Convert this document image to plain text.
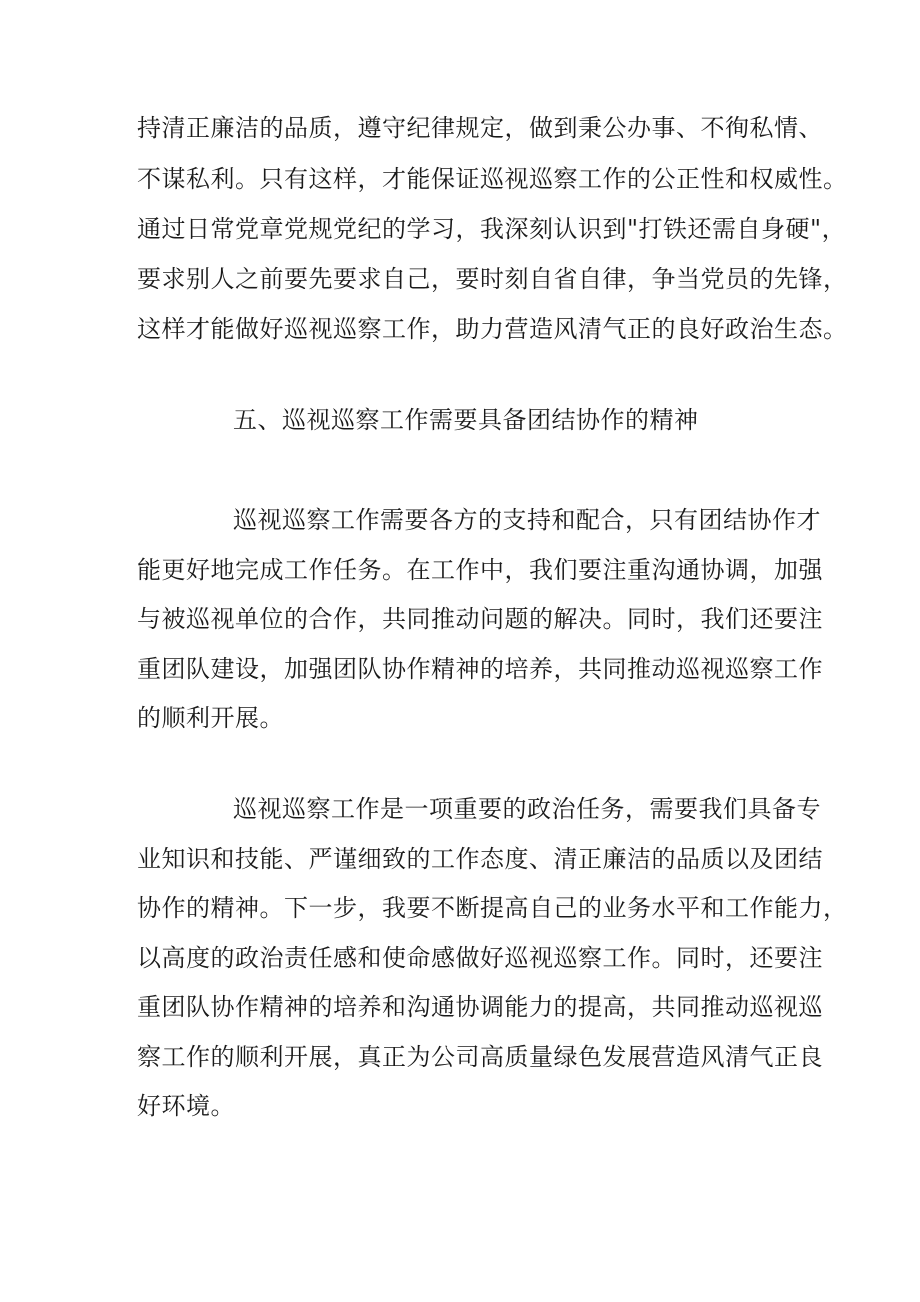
持清正廉洁的品质，遵守纪律规定，做到秉公办事、不徇私情、
不谋私利。只有这样，才能保证巡视巡察工作的公正性和权威性。
通过日常党章党规党纪的学习，我深刻认识到"打铁还需自身硬"，
要求别人之前要先要求自己，要时刻自省自律，争当党员的先锋，
这样才能做好巡视巡察工作，助力营造风清气正的良好政治生态。
五、巡视巡察工作需要具备团结协作的精神
巡视巡察工作需要各方的支持和配合，只有团结协作才
能更好地完成工作任务。在工作中，我们要注重沟通协调，加强
与被巡视单位的合作，共同推动问题的解决。同时，我们还要注
重团队建设，加强团队协作精神的培养，共同推动巡视巡察工作
的顺利开展。
巡视巡察工作是一项重要的政治任务，需要我们具备专
业知识和技能、严谨细致的工作态度、清正廉洁的品质以及团结
协作的精神。下一步，我要不断提高自己的业务水平和工作能力，
以高度的政治责任感和使命感做好巡视巡察工作。同时，还要注
重团队协作精神的培养和沟通协调能力的提高，共同推动巡视巡
察工作的顺利开展，真正为公司高质量绿色发展营造风清气正良
好环境。
